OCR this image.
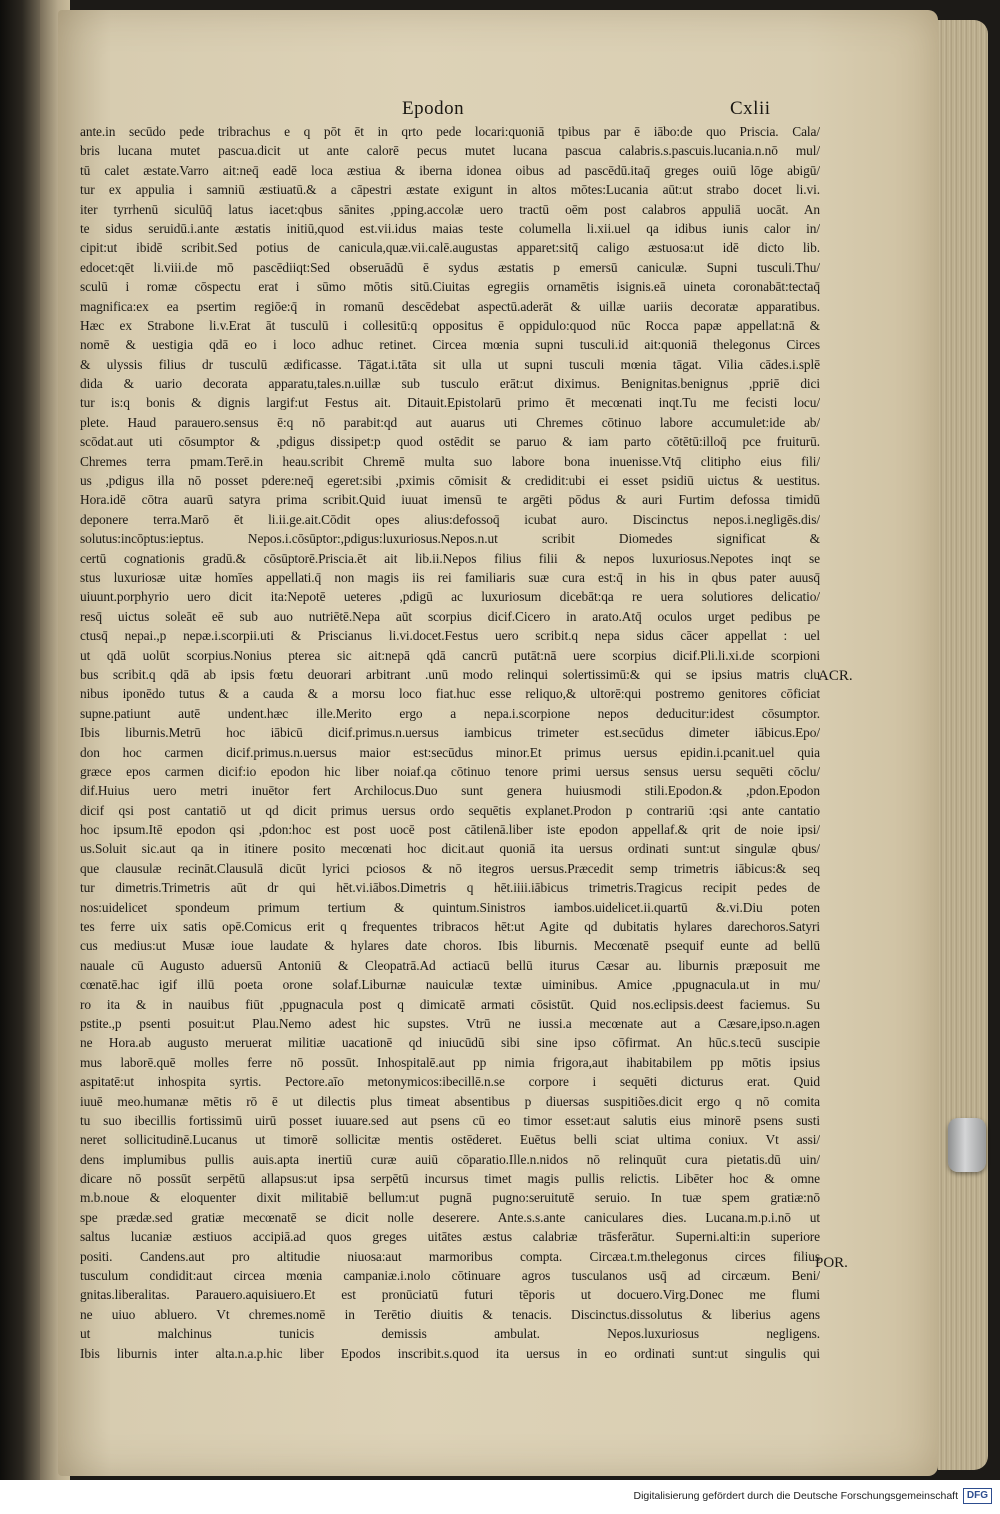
Epodon	Cxlii
ante.in secūdo pede tribrachus e q pōt ēt in qrto pede locari:quoniā tpibus par ē iābo:de quo Priscia. Cala/
bris lucana mutet pascua.dicit ut ante calorē pecus mutet lucana pascua calabris.s.pascuis.lucania.n.nō mul/
tū calet æstate.Varro ait:neq̄ eadē loca æstiua & iberna idonea oibus ad pascēdū.itaq̄ greges ouiū lōge abigū/
tur ex appulia i samniū æstiuatū.& a cāpestri æstate exigunt in altos mōtes:Lucania aūt:ut strabo docet li.vi.
iter tyrrhenū siculūq̄ latus iacet:qbus sānites ,pping.accolæ uero tractū oēm post calabros appuliā uocāt. An
te sidus seruidū.i.ante æstatis initiū,quod est.vii.idus maias teste columella li.xii.uel qa idibus iunis calor in/
cipit:ut ibidē scribit.Sed potius de canicula,quæ.vii.calē.augustas apparet:sitq̄ caligo æstuosa:ut idē dicto lib.
edocet:qēt li.viii.de mō pascēdiiqt:Sed obseruādū ē sydus æstatis p emersū caniculæ. Supni tusculi.Thu/
sculū i romæ cōspectu erat i sūmo mōtis sitū.Ciuitas egregiis ornamētis isignis.eā uineta coronabāt:tectaq̄
magnifica:ex ea psertim regiōe:q̄ in romanū descēdebat aspectū.aderāt & uillæ uariis decoratæ apparatibus.
Hæc ex Strabone li.v.Erat āt tusculū i collesitū:q oppositus ē oppidulo:quod nūc Rocca papæ appellat:nā &
nomē & uestigia qdā eo i loco adhuc retinet. Circea mœnia supni tusculi.id ait:quoniā thelegonus Circes
& ulyssis filius dr tusculū ædificasse. Tāgat.i.tāta sit ulla ut supni tusculi mœnia tāgat. Vilia cādes.i.splē
dida & uario decorata apparatu,tales.n.uillæ sub tusculo erāt:ut diximus. Benignitas.benignus ,ppriē dici
tur is:q bonis & dignis largif:ut Festus ait. Ditauit.Epistolarū primo ēt mecœnati inqt.Tu me fecisti locu/
plete. Haud parauero.sensus ē:q nō parabit:qd aut auarus uti Chremes cōtinuo labore accumulet:ide ab/
scōdat.aut uti cōsumptor & ,pdigus dissipet:p quod ostēdit se paruo & iam parto cōtētū:illoq̄ pce fruiturū.
Chremes terra pmam.Terē.in heau.scribit Chremē multa suo labore bona inuenisse.Vtq̄ clitipho eius fili/
us ,pdigus illa nō posset pdere:neq̄ egeret:sibi ,pximis cōmisit & credidit:ubi ei esset psidiū uictus & uestitus.
Hora.idē cōtra auarū satyra prima scribit.Quid iuuat imensū te argēti pōdus & auri Furtim defossa timidū
deponere terra.Marō ēt li.ii.ge.ait.Cōdit opes alius:defossoq̄ icubat auro. Discinctus nepos.i.negligēs.dis/
solutus:incōptus:ieptus. Nepos.i.cōsūptor:,pdigus:luxuriosus.Nepos.n.ut scribit Diomedes significat &
certū cognationis gradū.& cōsūptorē.Priscia.ēt ait lib.ii.Nepos filius filii & nepos luxuriosus.Nepotes inqt se
stus luxuriosæ uitæ homīes appellati.q̄ non magis iis rei familiaris suæ cura est:q̄ in his in qbus pater auusq̄
uiuunt.porphyrio uero dicit ita:Nepotē ueteres ,pdigū ac luxuriosum dicebāt:qa re uera solutiores delicatio/
resq̄ uictus soleāt eē sub auo nutriētē.Nepa aūt scorpius dicif.Cicero in arato.Atq̄ oculos urget pedibus pe
ctusq̄ nepai.,p nepæ.i.scorpii.uti & Priscianus li.vi.docet.Festus uero scribit.q nepa sidus cācer appellat : uel
ut qdā uolūt scorpius.Nonius pterea sic ait:nepā qdā cancrū putāt:nā uere scorpius dicif.Pli.li.xi.de scorpioni
bus scribit.q qdā ab ipsis fœtu deuorari arbitrant .unū modo relinqui solertissimū:& qui se ipsius matris clu
nibus iponēdo tutus & a cauda & a morsu loco fiat.huc esse reliquo,& ultorē:qui postremo genitores cōficiat
supne.patiunt autē undent.hæc ille.Merito ergo a nepa.i.scorpione nepos deducitur:idest cōsumptor.
Ibis liburnis.Metrū hoc iābicū dicif.primus.n.uersus iambicus trimeter est.secūdus dimeter iābicus.Epo/
don hoc carmen dicif.primus.n.uersus maior est:secūdus minor.Et primus uersus epidin.i.pcanit.uel quia
græce epos carmen dicif:io epodon hic liber noiaf.qa cōtinuo tenore primi uersus sensus uersu sequēti cōclu/
dif.Huius uero metri inuētor fert Archilocus.Duo sunt genera huiusmodi stili.Epodon.& ,pdon.Epodon
dicif qsi post cantatiō ut qd dicit primus uersus ordo sequētis explanet.Prodon p contrariū :qsi ante cantatio
hoc ipsum.Itē epodon qsi ,pdon:hoc est post uocē post cātilenā.liber iste epodon appellaf.& qrit de noie ipsi/
us.Soluit sic.aut qa in itinere posito mecœnati hoc dicit.aut quoniā ita uersus ordinati sunt:ut singulæ qbus/
que clausulæ recināt.Clausulā dicūt lyrici pciosos & nō itegros uersus.Præcedit semp trimetris iābicus:& seq
tur dimetris.Trimetris aūt dr qui hēt.vi.iābos.Dimetris q hēt.iiii.iābicus trimetris.Tragicus recipit pedes de
nos:uidelicet spondeum primum tertium & quintum.Sinistros iambos.uidelicet.ii.quartū &.vi.Diu poten
tes ferre uix satis opē.Comicus erit q frequentes tribracos hēt:ut Agite qd dubitatis hylares darechoros.Satyri
cus medius:ut Musæ ioue laudate & hylares date choros. Ibis liburnis. Mecœnatē psequif eunte ad bellū
nauale cū Augusto aduersū Antoniū & Cleopatrā.Ad actiacū bellū iturus Cæsar au. liburnis præposuit me
cœnatē.hac igif illū poeta orone solaf.Liburnæ nauiculæ textæ uiminibus. Amice ,ppugnacula.ut in mu/
ro ita & in nauibus fiūt ,ppugnacula post q dimicatē armati cōsistūt. Quid nos.eclipsis.deest faciemus. Su
pstite.,p psenti posuit:ut Plau.Nemo adest hic supstes. Vtrū ne iussi.a mecœnate aut a Cæsare,ipso.n.agen
ne Hora.ab augusto meruerat militiæ uacationē qd iniucūdū sibi sine ipso cōfirmat. An hūc.s.tecū suscipie
mus laborē.quē molles ferre nō possūt. Inhospitalē.aut pp nimia frigora,aut ihabitabilem pp mōtis ipsius
aspitatē:ut inhospita syrtis. Pectore.aīo metonymicos:ibecillē.n.se corpore i sequēti dicturus erat. Quid
iuuē meo.humanæ mētis rō ē ut dilectis plus timeat absentibus p diuersas suspitiões.dicit ergo q nō comita
tu suo ibecillis fortissimū uirū posset iuuare.sed aut psens cū eo timor esset:aut salutis eius minorē psens susti
neret sollicitudinē.Lucanus ut timorē sollicitæ mentis ostēderet. Euētus belli sciat ultima coniux. Vt assi/
dens implumibus pullis auis.apta inertiū curæ auiū cōparatio.Ille.n.nidos nō relinquūt cura pietatis.dū uin/
dicare nō possūt serpētū allapsus:ut ipsa serpētū incursus timet magis pullis relictis. Libēter hoc & omne
m.b.noue & eloquenter dixit militabiē bellum:ut pugnā pugno:seruitutē seruio. In tuæ spem gratiæ:nō
spe prædæ.sed gratiæ mecœnatē se dicit nolle deserere. Ante.s.s.ante caniculares dies. Lucana.m.p.i.nō ut
saltus lucaniæ æstiuos accipiā.ad quos greges uitātes æstus calabriæ trāsferātur. Superni.alti:in superiore
positi. Candens.aut pro altitudie niuosa:aut marmoribus compta. Circæa.t.m.thelegonus circes filius
tusculum condidit:aut circea mœnia campaniæ.i.nolo cōtinuare agros tusculanos usq̄ ad circæum. Beni/
gnitas.liberalitas. Parauero.aquisiuero.Et est pronūciatū futuri tēporis ut docuero.Virg.Donec me flumi
ne uiuo abluero. Vt chremes.nomē in Terētio diuitis & tenacis. Discinctus.dissolutus & liberius agens
ut malchinus tunicis demissis ambulat. Nepos.luxuriosus negligens.
Ibis liburnis inter alta.n.a.p.hic liber Epodos inscribit.s.quod ita uersus in eo ordinati sunt:ut singulis qui
ACR.
POR.
Digitalisierung gefördert durch die Deutsche Forschungsgemeinschaft DFG
